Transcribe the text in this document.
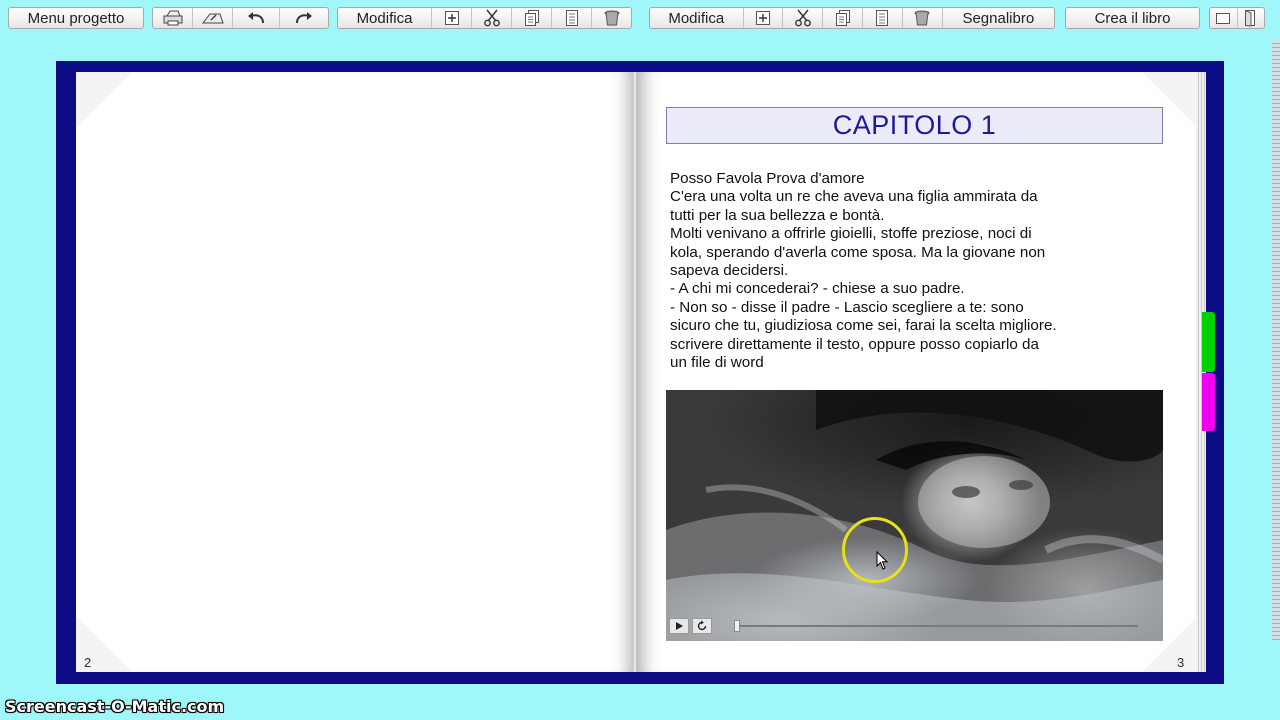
Menu progetto	Modifica	Modifica	Segnalibro	Crea il libro
2	3
CAPITOLO 1
Posso Favola Prova d'amore
C'era una volta un re che aveva una figlia ammirata da
tutti per la sua bellezza e bontà.
Molti venivano a offrirle gioielli, stoffe preziose, noci di
kola, sperando d'averla come sposa. Ma la giovane non
sapeva decidersi.
- A chi mi concederai? - chiese a suo padre.
- Non so - disse il padre - Lascio scegliere a te: sono
sicuro che tu, giudiziosa come sei, farai la scelta migliore.
scrivere direttamente il testo, oppure posso copiarlo da
un file di word
Screencast-O-Matic.com
